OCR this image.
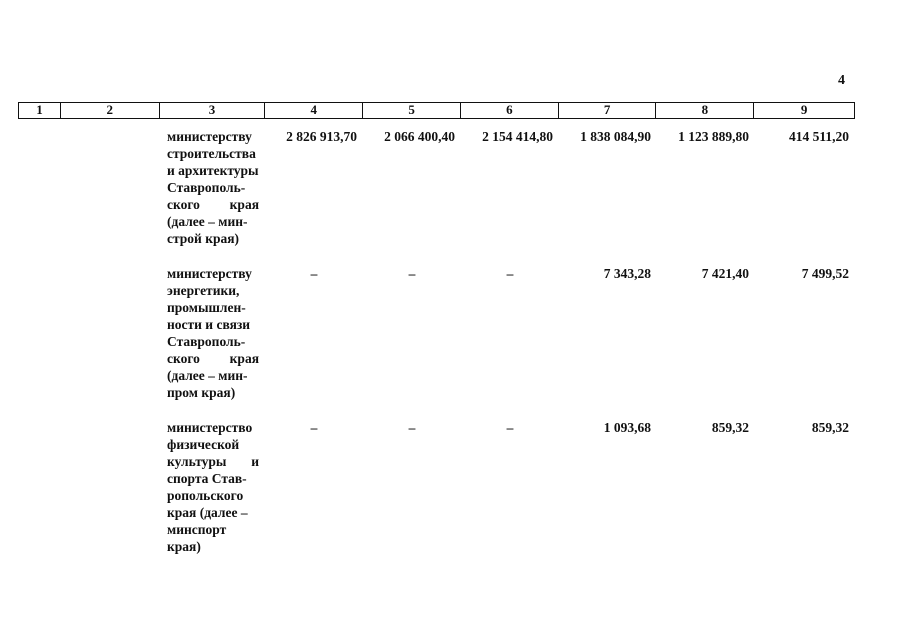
4
1	2	3	4	5	6	7	8	9
министерству
строительства
и архитектуры
Ставрополь-
ского края
(далее – мин-
строй края)
2 826 913,70	2 066 400,40	2 154 414,80	1 838 084,90	1 123 889,80	414 511,20
министерству
энергетики,
промышлен-
ности и связи
Ставрополь-
ского края
(далее – мин-
пром края)
–	–	–	7 343,28	7 421,40	7 499,52
министерство
физической
культуры и
спорта Став-
ропольского
края (далее –
минспорт
края)
–	–	–	1 093,68	859,32	859,32
